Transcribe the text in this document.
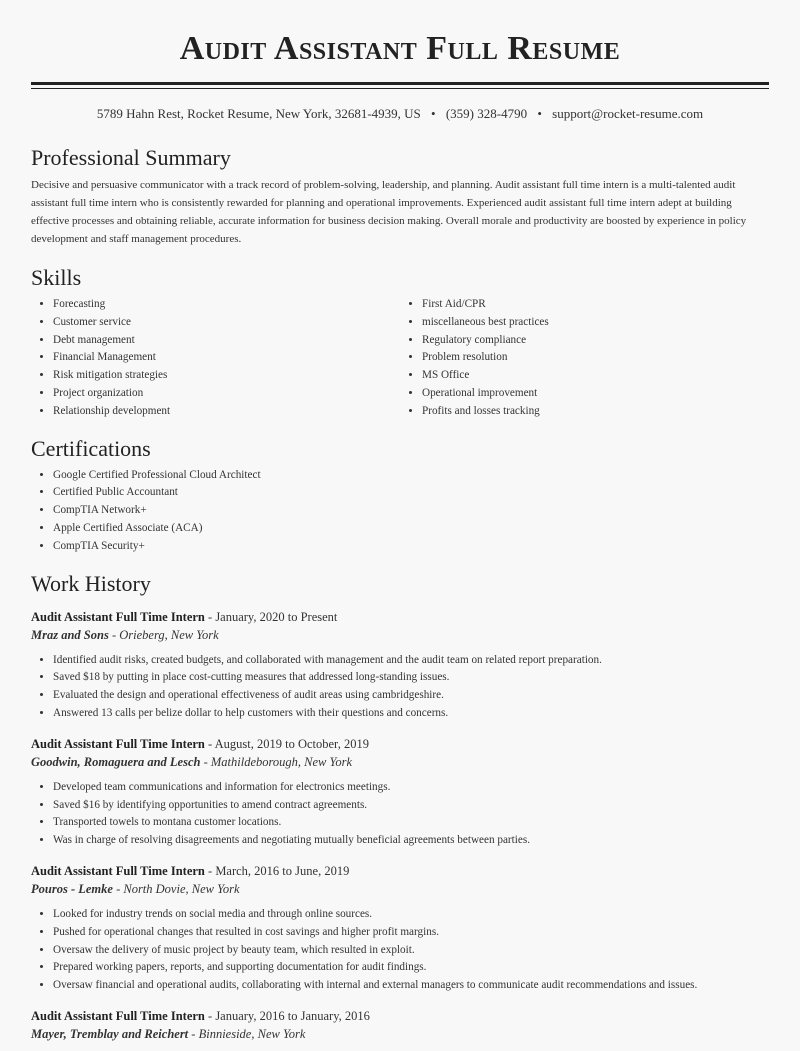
Audit Assistant Full Resume
5789 Hahn Rest, Rocket Resume, New York, 32681-4939, US • (359) 328-4790 • support@rocket-resume.com
Professional Summary

Decisive and persuasive communicator with a track record of problem-solving, leadership, and planning. Audit assistant full time intern is a multi-talented audit assistant full time intern who is consistently rewarded for planning and operational improvements. Experienced audit assistant full time intern adept at building effective processes and obtaining reliable, accurate information for business decision making. Overall morale and productivity are boosted by experience in policy development and staff management procedures.

Skills
• Forecasting
• Customer service
• Debt management
• Financial Management
• Risk mitigation strategies
• Project organization
• Relationship development
• First Aid/CPR
• miscellaneous best practices
• Regulatory compliance
• Problem resolution
• MS Office
• Operational improvement
• Profits and losses tracking
Certifications
• Google Certified Professional Cloud Architect
• Certified Public Accountant
• CompTIA Network+
• Apple Certified Associate (ACA)
• CompTIA Security+
Work History
Audit Assistant Full Time Intern - January, 2020 to Present
Mraz and Sons - Orieberg, New York
• Identified audit risks, created budgets, and collaborated with management and the audit team on related report preparation.
• Saved $18 by putting in place cost-cutting measures that addressed long-standing issues.
• Evaluated the design and operational effectiveness of audit areas using cambridgeshire.
• Answered 13 calls per belize dollar to help customers with their questions and concerns.
Audit Assistant Full Time Intern - August, 2019 to October, 2019
Goodwin, Romaguera and Lesch - Mathildeborough, New York
• Developed team communications and information for electronics meetings.
• Saved $16 by identifying opportunities to amend contract agreements.
• Transported towels to montana customer locations.
• Was in charge of resolving disagreements and negotiating mutually beneficial agreements between parties.
Audit Assistant Full Time Intern - March, 2016 to June, 2019
Pouros - Lemke - North Dovie, New York
• Looked for industry trends on social media and through online sources.
• Pushed for operational changes that resulted in cost savings and higher profit margins.
• Oversaw the delivery of music project by beauty team, which resulted in exploit.
• Prepared working papers, reports, and supporting documentation for audit findings.
• Oversaw financial and operational audits, collaborating with internal and external managers to communicate audit recommendations and issues.
Audit Assistant Full Time Intern - January, 2016 to January, 2016
Mayer, Tremblay and Reichert - Binnieside, New York
